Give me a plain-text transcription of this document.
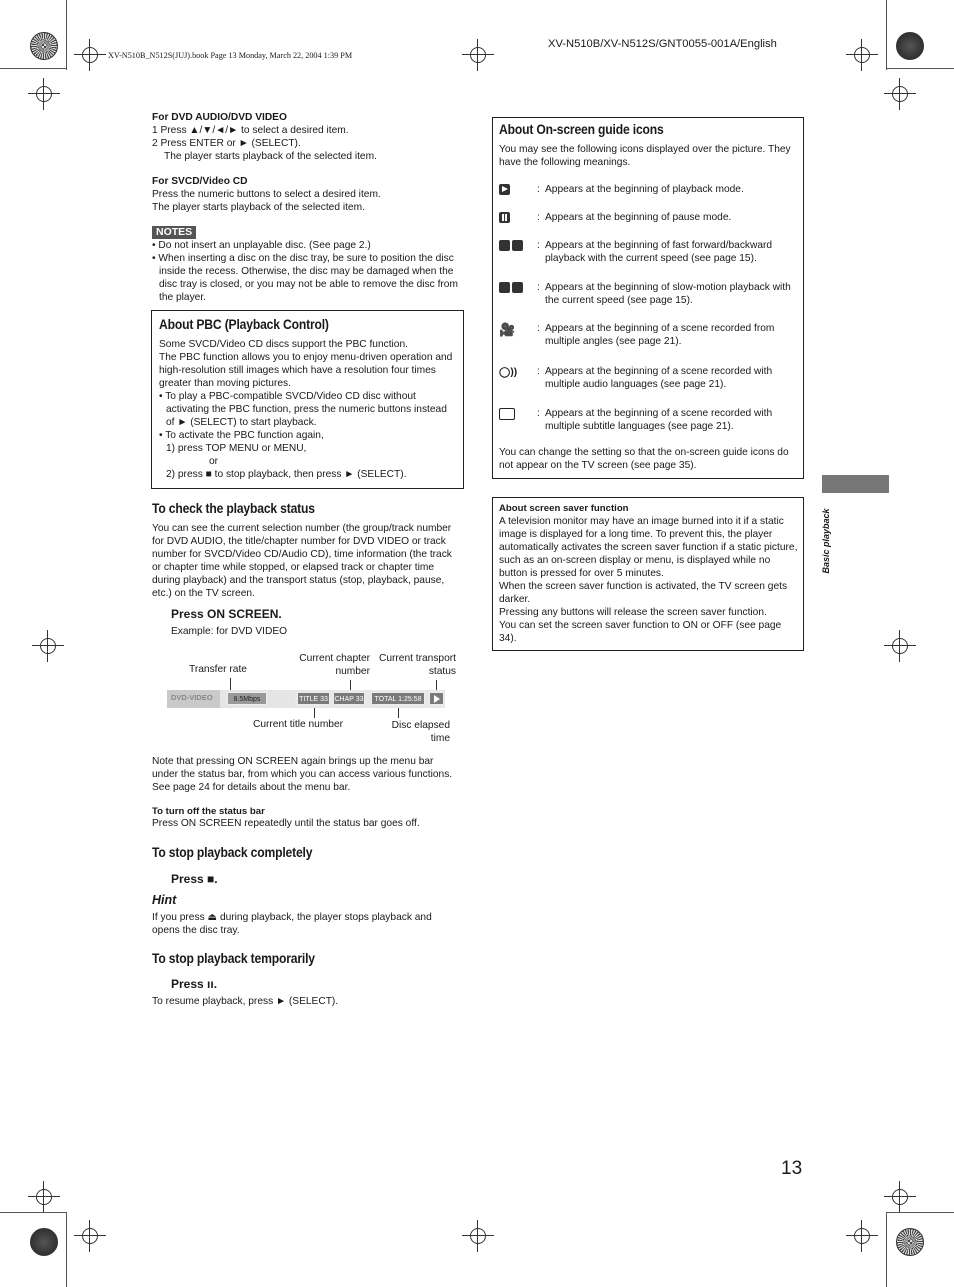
XV-N510B_N512S(JUJ).book Page 13 Monday, March 22, 2004 1:39 PM
XV-N510B/XV-N512S/GNT0055-001A/English
For DVD AUDIO/DVD VIDEO
1 Press ▲/▼/◄/► to select a desired item.
2 Press ENTER or ► (SELECT).
The player starts playback of the selected item.
For SVCD/Video CD
Press the numeric buttons to select a desired item.
The player starts playback of the selected item.
NOTES
• Do not insert an unplayable disc. (See page 2.)
• When inserting a disc on the disc tray, be sure to position the disc inside the recess. Otherwise, the disc may be damaged when the disc tray is closed, or you may not be able to remove the disc from the player.
About PBC (Playback Control)
Some SVCD/Video CD discs support the PBC function.
The PBC function allows you to enjoy menu-driven operation and high-resolution still images which have a resolution four times greater than moving pictures.
• To play a PBC-compatible SVCD/Video CD disc without activating the PBC function, press the numeric buttons instead of ► (SELECT) to start playback.
• To activate the PBC function again,
1) press TOP MENU or MENU,
or
2) press ■ to stop playback, then press ► (SELECT).
To check the playback status
You can see the current selection number (the group/track number for DVD AUDIO, the title/chapter number for DVD VIDEO or track number for SVCD/Video CD/Audio CD), time information (the track or chapter time while stopped, or elapsed track or chapter time during playback) and the transport status (stop, playback, pause, etc.) on the TV screen.
Press ON SCREEN.
Example: for DVD VIDEO
Transfer rate
Current chapter number
Current transport status
DVD-VIDEO	8.5Mbps	TITLE 33 CHAP 33	TOTAL 1:25:58
Current title number	Disc elapsed time
Note that pressing ON SCREEN again brings up the menu bar under the status bar, from which you can access various functions. See page 24 for details about the menu bar.
To turn off the status bar
Press ON SCREEN repeatedly until the status bar goes off.
To stop playback completely
Press ■.
Hint
If you press ⏏ during playback, the player stops playback and opens the disc tray.
To stop playback temporarily
Press ıı.
To resume playback, press ► (SELECT).
About On-screen guide icons
You may see the following icons displayed over the picture. They have the following meanings.
: Appears at the beginning of playback mode.
: Appears at the beginning of pause mode.
: Appears at the beginning of fast forward/backward playback with the current speed (see page 15).
: Appears at the beginning of slow-motion playback with the current speed (see page 15).
🎥 : Appears at the beginning of a scene recorded from multiple angles (see page 21).
◯)) : Appears at the beginning of a scene recorded with multiple audio languages (see page 21).
: Appears at the beginning of a scene recorded with multiple subtitle languages (see page 21).
You can change the setting so that the on-screen guide icons do not appear on the TV screen (see page 35).
About screen saver function
A television monitor may have an image burned into it if a static image is displayed for a long time. To prevent this, the player automatically activates the screen saver function if a static picture, such as an on-screen display or menu, is displayed while no button is pressed for over 5 minutes.
When the screen saver function is activated, the TV screen gets darker.
Pressing any buttons will release the screen saver function.
You can set the screen saver function to ON or OFF (see page 34).
Basic playback
13
